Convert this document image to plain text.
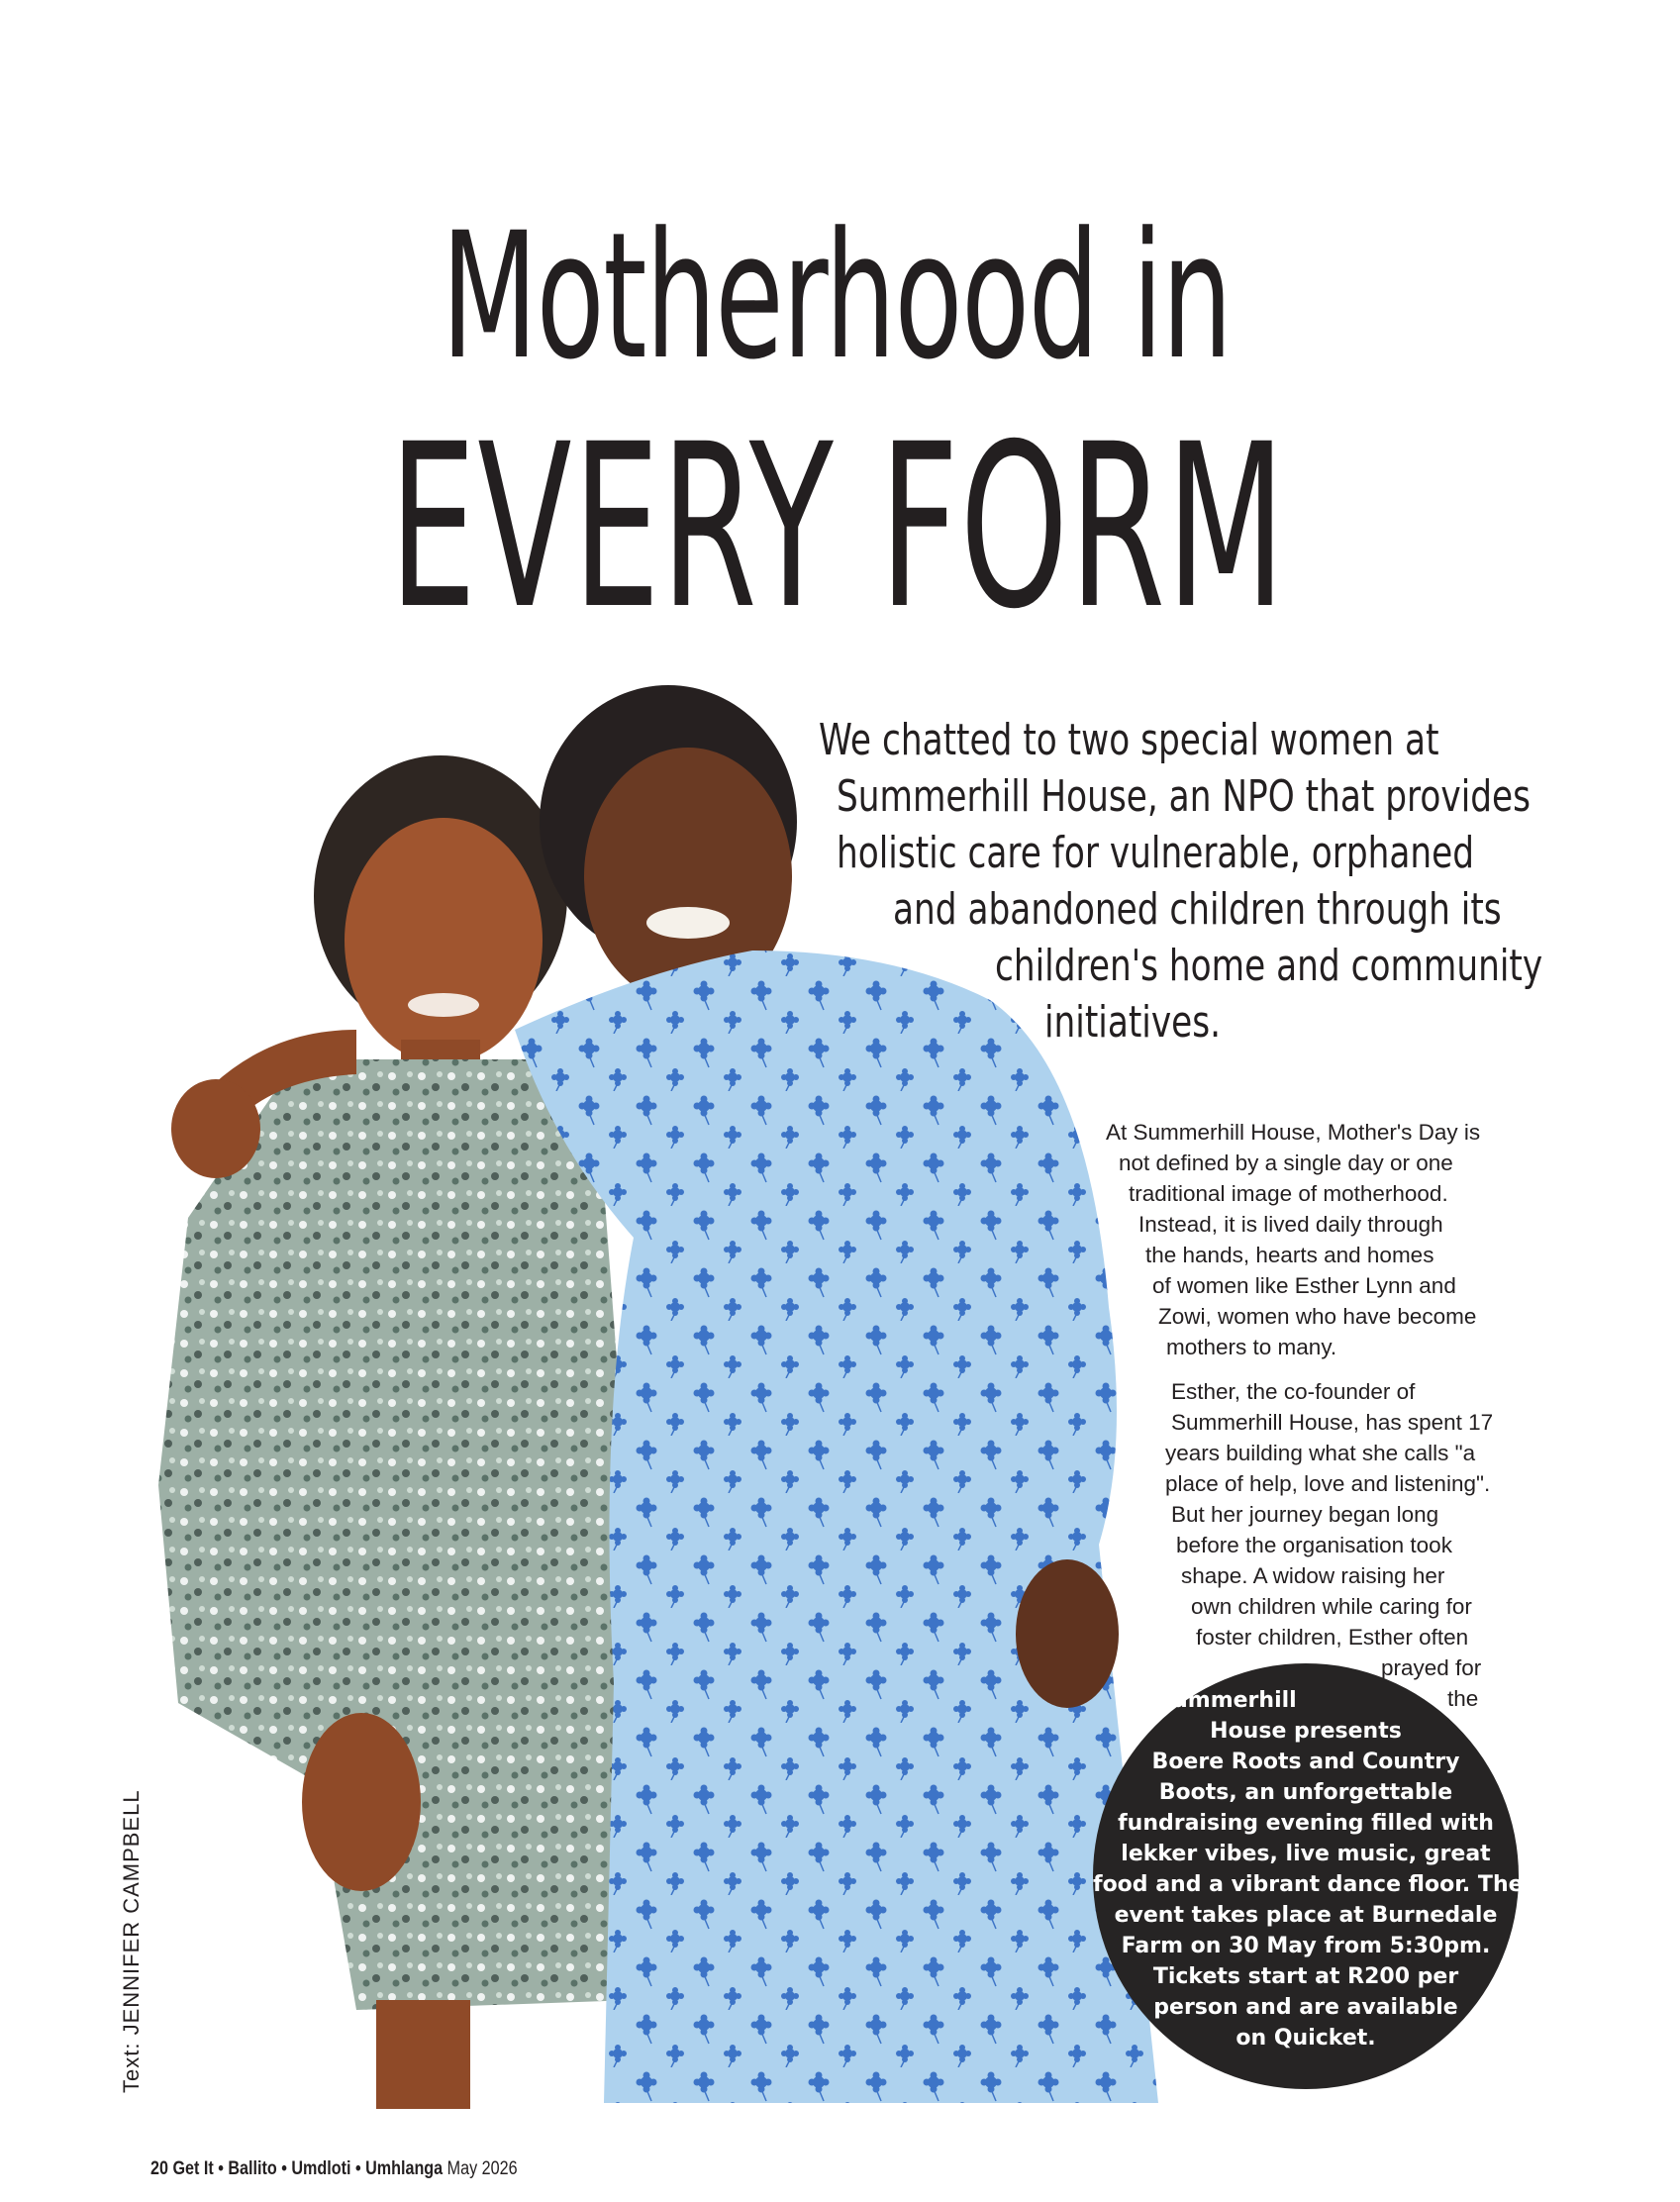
Motherhood in
EVERY FORM
We chatted to two special women at
Summerhill House, an NPO that provides
holistic care for vulnerable, orphaned
and abandoned children through its
children's home and community
initiatives.
At Summerhill House, Mother's Day is
not defined by a single day or one
traditional image of motherhood.
Instead, it is lived daily through
the hands, hearts and homes
of women like Esther Lynn and
Zowi, women who have become
mothers to many.
Esther, the co-founder of
Summerhill House, has spent 17
years building what she calls "a
place of help, love and listening".
But her journey began long
before the organisation took
shape. A widow raising her
own children while caring for
foster children, Esther often
prayed for
the
Summerhill
House presents
Boere Roots and Country
Boots, an unforgettable
fundraising evening filled with
lekker vibes, live music, great
food and a vibrant dance floor. The
event takes place at Burnedale
Farm on 30 May from 5:30pm.
Tickets start at R200 per
person and are available
on Quicket.
Text: JENNIFER CAMPBELL
20 Get It • Ballito • Umdloti • Umhlanga May 2026
